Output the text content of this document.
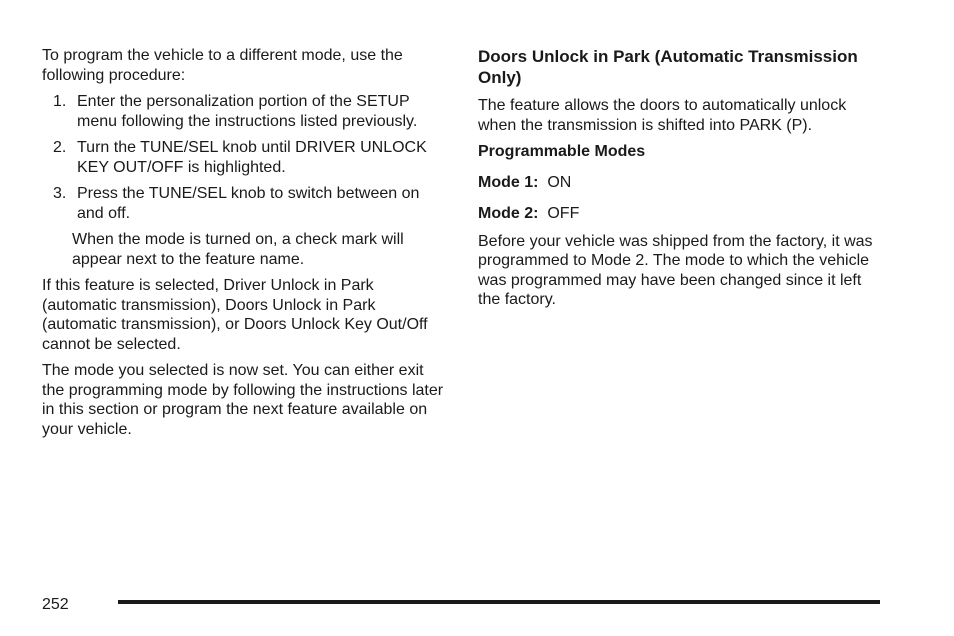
To program the vehicle to a different mode, use the following procedure:

1. Enter the personalization portion of the SETUP menu following the instructions listed previously.
2. Turn the TUNE/SEL knob until DRIVER UNLOCK KEY OUT/OFF is highlighted.
3. Press the TUNE/SEL knob to switch between on and off.

When the mode is turned on, a check mark will appear next to the feature name.

If this feature is selected, Driver Unlock in Park (automatic transmission), Doors Unlock in Park (automatic transmission), or Doors Unlock Key Out/Off cannot be selected.

The mode you selected is now set. You can either exit the programming mode by following the instructions later in this section or program the next feature available on your vehicle.

Doors Unlock in Park (Automatic Transmission Only)

The feature allows the doors to automatically unlock when the transmission is shifted into PARK (P).

Programmable Modes

Mode 1: ON

Mode 2: OFF

Before your vehicle was shipped from the factory, it was programmed to Mode 2. The mode to which the vehicle was programmed may have been changed since it left the factory.

252
